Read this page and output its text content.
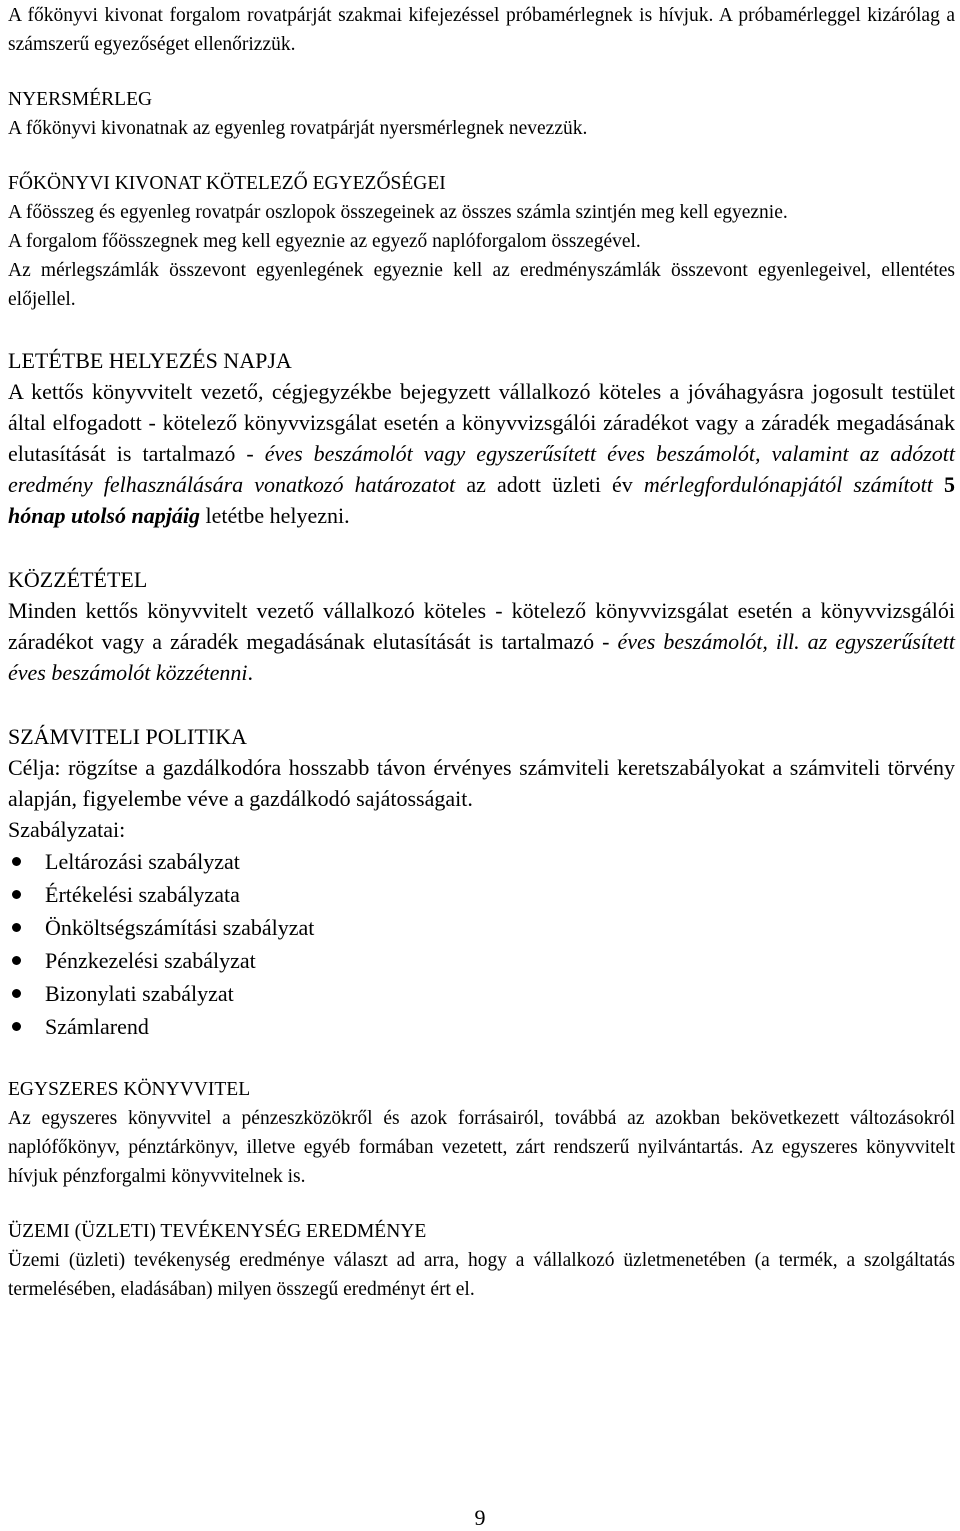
A főkönyvi kivonat forgalom rovatpárját szakmai kifejezéssel próbamérlegnek is hívjuk. A próbamérleggel kizárólag a számszerű egyezőséget ellenőrizzük.

NYERSMÉRLEG

A főkönyvi kivonatnak az egyenleg rovatpárját nyersmérlegnek nevezzük.

FŐKÖNYVI KIVONAT KÖTELEZŐ EGYEZŐSÉGEI

A főösszeg és egyenleg rovatpár oszlopok összegeinek az összes számla szintjén meg kell egyeznie.

A forgalom főösszegnek meg kell egyeznie az egyező naplóforgalom összegével.

Az mérlegszámlák összevont egyenlegének egyeznie kell az eredményszámlák összevont egyenlegeivel, ellentétes előjellel.

LETÉTBE HELYEZÉS NAPJA

A kettős könyvvitelt vezető, cégjegyzékbe bejegyzett vállalkozó köteles a jóváhagyásra jogosult testület által elfogadott - kötelező könyvvizsgálat esetén a könyvvizsgálói záradékot vagy a záradék megadásának elutasítását is tartalmazó - éves beszámolót vagy egyszerűsített éves beszámolót, valamint az adózott eredmény felhasználására vonatkozó határozatot az adott üzleti év mérlegfordulónapjától számított 5 hónap utolsó napjáig letétbe helyezni.

KÖZZÉTÉTEL

Minden kettős könyvvitelt vezető vállalkozó köteles - kötelező könyvvizsgálat esetén a könyvvizsgálói záradékot vagy a záradék megadásának elutasítását is tartalmazó - éves beszámolót, ill. az egyszerűsített éves beszámolót közzétenni.

SZÁMVITELI POLITIKA

Célja: rögzítse a gazdálkodóra hosszabb távon érvényes számviteli keretszabályokat a számviteli törvény alapján, figyelembe véve a gazdálkodó sajátosságait.

Szabályzatai:

Leltározási szabályzat
Értékelési szabályzata
Önköltségszámítási szabályzat
Pénzkezelési szabályzat
Bizonylati szabályzat
Számlarend
EGYSZERES KÖNYVVITEL

Az egyszeres könyvvitel a pénzeszközökről és azok forrásairól, továbbá az azokban bekövetkezett változásokról naplófőkönyv, pénztárkönyv, illetve egyéb formában vezetett, zárt rendszerű nyilvántartás. Az egyszeres könyvvitelt hívjuk pénzforgalmi könyvvitelnek is.

ÜZEMI (ÜZLETI) TEVÉKENYSÉG EREDMÉNYE

Üzemi (üzleti) tevékenység eredménye választ ad arra, hogy a vállalkozó üzletmenetében (a termék, a szolgáltatás termelésében, eladásában) milyen összegű eredményt ért el.

9
